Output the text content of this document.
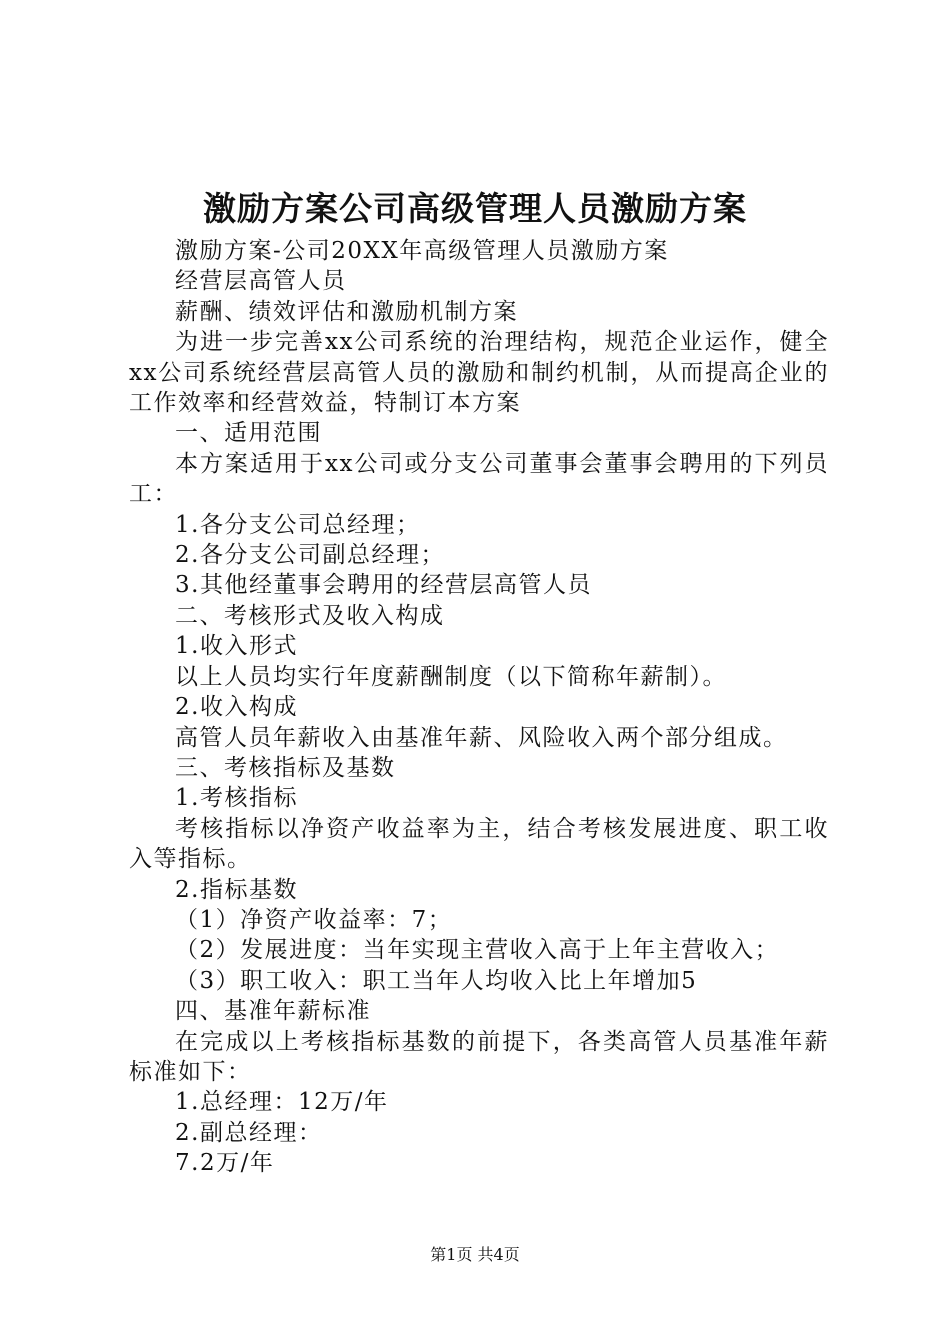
激励方案公司高级管理人员激励方案

激励方案-公司20XX年高级管理人员激励方案

经营层高管人员

薪酬、绩效评估和激励机制方案

为进一步完善xx公司系统的治理结构，规范企业运作，健全xx公司系统经营层高管人员的激励和制约机制，从而提高企业的工作效率和经营效益，特制订本方案

一、适用范围

本方案适用于xx公司或分支公司董事会董事会聘用的下列员工：

1.各分支公司总经理；

2.各分支公司副总经理；

3.其他经董事会聘用的经营层高管人员

二、考核形式及收入构成

1.收入形式

以上人员均实行年度薪酬制度（以下简称年薪制）。

2.收入构成

高管人员年薪收入由基准年薪、风险收入两个部分组成。

三、考核指标及基数

1.考核指标

考核指标以净资产收益率为主，结合考核发展进度、职工收入等指标。

2.指标基数

（1）净资产收益率：7；

（2）发展进度：当年实现主营收入高于上年主营收入；

（3）职工收入：职工当年人均收入比上年增加5

四、基准年薪标准

在完成以上考核指标基数的前提下，各类高管人员基准年薪标准如下：

1.总经理：12万/年

2.副总经理：

7.2万/年

第1页 共4页
